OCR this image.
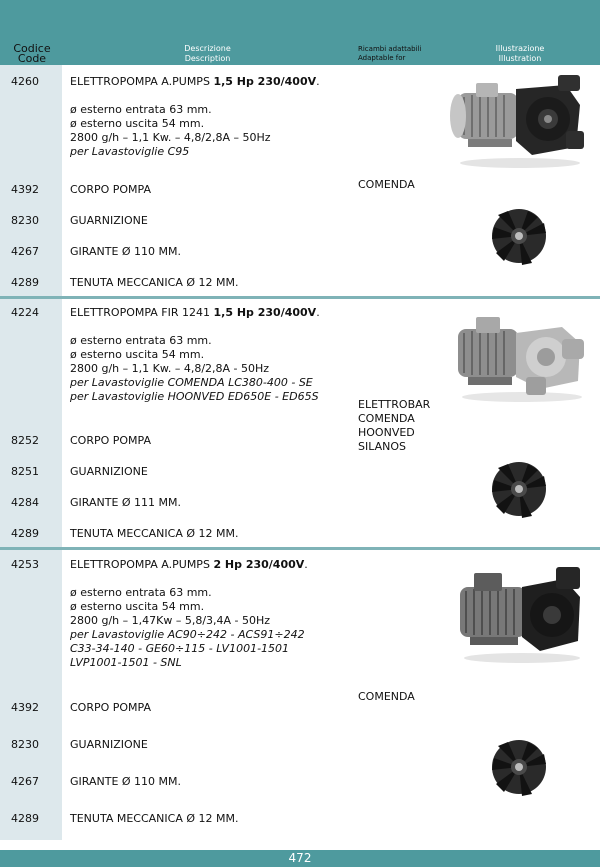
Codice
Code
Descrizione
Description
Ricambi adattabili
Adaptable for
Illustrazione
Illustration
4260	ELETTROPOMPA A.PUMPS 1,5 Hp 230/400V.
ø esterno entrata 63 mm.
ø esterno uscita 54 mm.
2800 g/h – 1,1 Kw. – 4,8/2,8A – 50Hz
per Lavastoviglie C95
COMENDA
4392	CORPO POMPA
8230	GUARNIZIONE
4267	GIRANTE Ø 110 MM.
4289	TENUTA MECCANICA Ø 12 MM.
4224	ELETTROPOMPA FIR 1241 1,5 Hp 230/400V.
ø esterno entrata 63 mm.
ø esterno uscita 54 mm.
2800 g/h – 1,1 Kw. – 4,8/2,8A - 50Hz
per Lavastoviglie COMENDA LC380-400 - SE
per Lavastoviglie HOONVED ED650E - ED65S
ELETTROBAR
COMENDA
HOONVED
SILANOS
8252	CORPO POMPA
8251	GUARNIZIONE
4284	GIRANTE Ø 111 MM.
4289	TENUTA MECCANICA Ø 12 MM.
4253	ELETTROPOMPA A.PUMPS 2 Hp 230/400V.
ø esterno entrata 63 mm.
ø esterno uscita 54 mm.
2800 g/h – 1,47Kw – 5,8/3,4A - 50Hz
per Lavastoviglie AC90÷242 - ACS91÷242
C33-34-140 - GE60÷115 - LV1001-1501
LVP1001-1501 - SNL
COMENDA
4392	CORPO POMPA
8230	GUARNIZIONE
4267	GIRANTE Ø 110 MM.
4289	TENUTA MECCANICA Ø 12 MM.
472
